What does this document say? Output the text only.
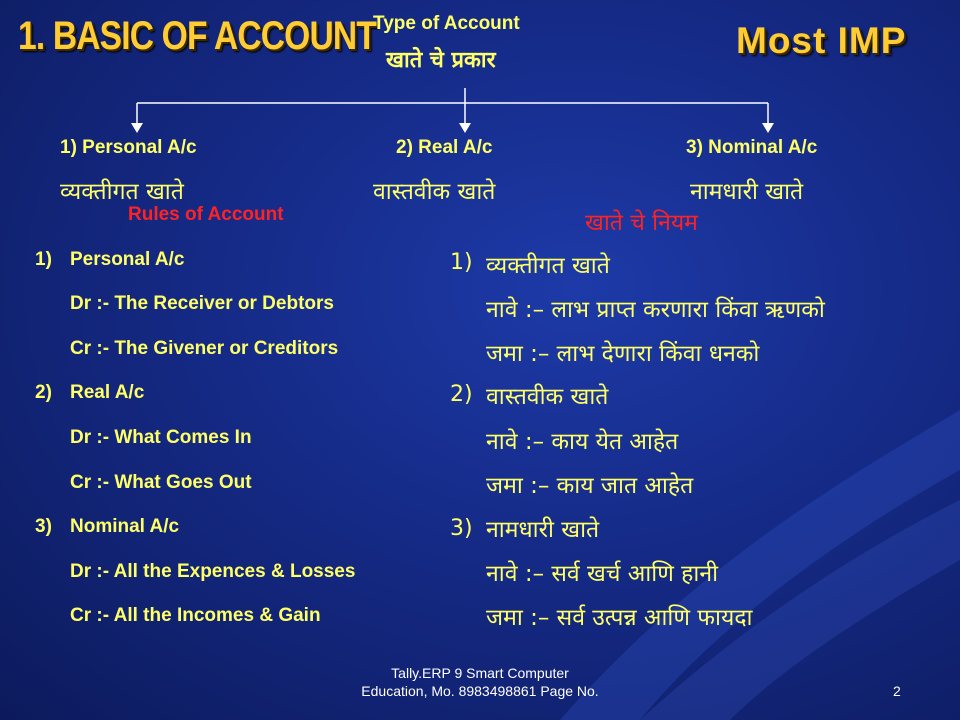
1. BASIC OF ACCOUNT	Most IMP
Type of Account
खाते चे प्रकार
1) Personal A/c	2) Real A/c	3) Nominal A/c
व्यक्तीगत खाते	वास्तवीक खाते	नामधारी खाते
Rules of Account	खाते चे नियम
1) Personal A/c
Dr :- The Receiver or Debtors
Cr :- The Givener or Creditors
2) Real A/c
Dr :- What Comes In
Cr :- What Goes Out
3) Nominal A/c
Dr :- All the Expences & Losses
Cr :- All the Incomes & Gain
1) व्यक्तीगत खाते
नावे :– लाभ प्राप्त करणारा किंवा ऋणको
जमा :– लाभ देणारा किंवा धनको
2) वास्तवीक खाते
नावे :– काय येत आहेत
जमा :– काय जात आहेत
3) नामधारी खाते
नावे :– सर्व खर्च आणि हानी
जमा :– सर्व उत्पन्न आणि फायदा
Tally.ERP 9 Smart Computer
Education, Mo. 8983498861 Page No.	2
